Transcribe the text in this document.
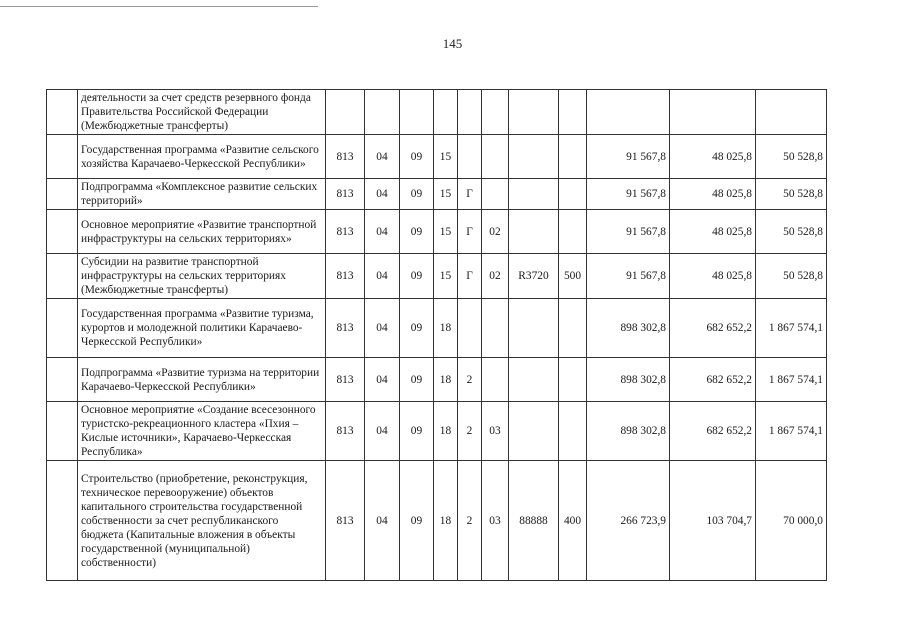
145
	деятельности за счет средств резервного фонда Правительства Российской Федерации (Межбюджетные трансферты)											
	Государственная программа «Развитие сельского хозяйства Карачаево-Черкесской Республики»	813	04	09	15					91 567,8	48 025,8	50 528,8
	Подпрограмма «Комплексное развитие сельских территорий»	813	04	09	15	Г				91 567,8	48 025,8	50 528,8
	Основное мероприятие «Развитие транспортной инфраструктуры на сельских территориях»	813	04	09	15	Г	02			91 567,8	48 025,8	50 528,8
	Субсидии на развитие транспортной инфраструктуры на сельских территориях (Межбюджетные трансферты)	813	04	09	15	Г	02	R3720	500	91 567,8	48 025,8	50 528,8
	Государственная программа «Развитие туризма, курортов и молодежной политики Карачаево-Черкесской Республики»	813	04	09	18					898 302,8	682 652,2	1 867 574,1
	Подпрограмма «Развитие туризма на территории Карачаево-Черкесской Республики»	813	04	09	18	2				898 302,8	682 652,2	1 867 574,1
	Основное мероприятие «Создание всесезонного туристско-рекреационного кластера «Пхия – Кислые источники», Карачаево-Черкесская Республика»	813	04	09	18	2	03			898 302,8	682 652,2	1 867 574,1
	Строительство (приобретение, реконструкция, техническое перевооружение) объектов капитального строительства государственной собственности за счет республиканского бюджета (Капитальные вложения в объекты государственной (муниципальной) собственности)	813	04	09	18	2	03	88888	400	266 723,9	103 704,7	70 000,0
